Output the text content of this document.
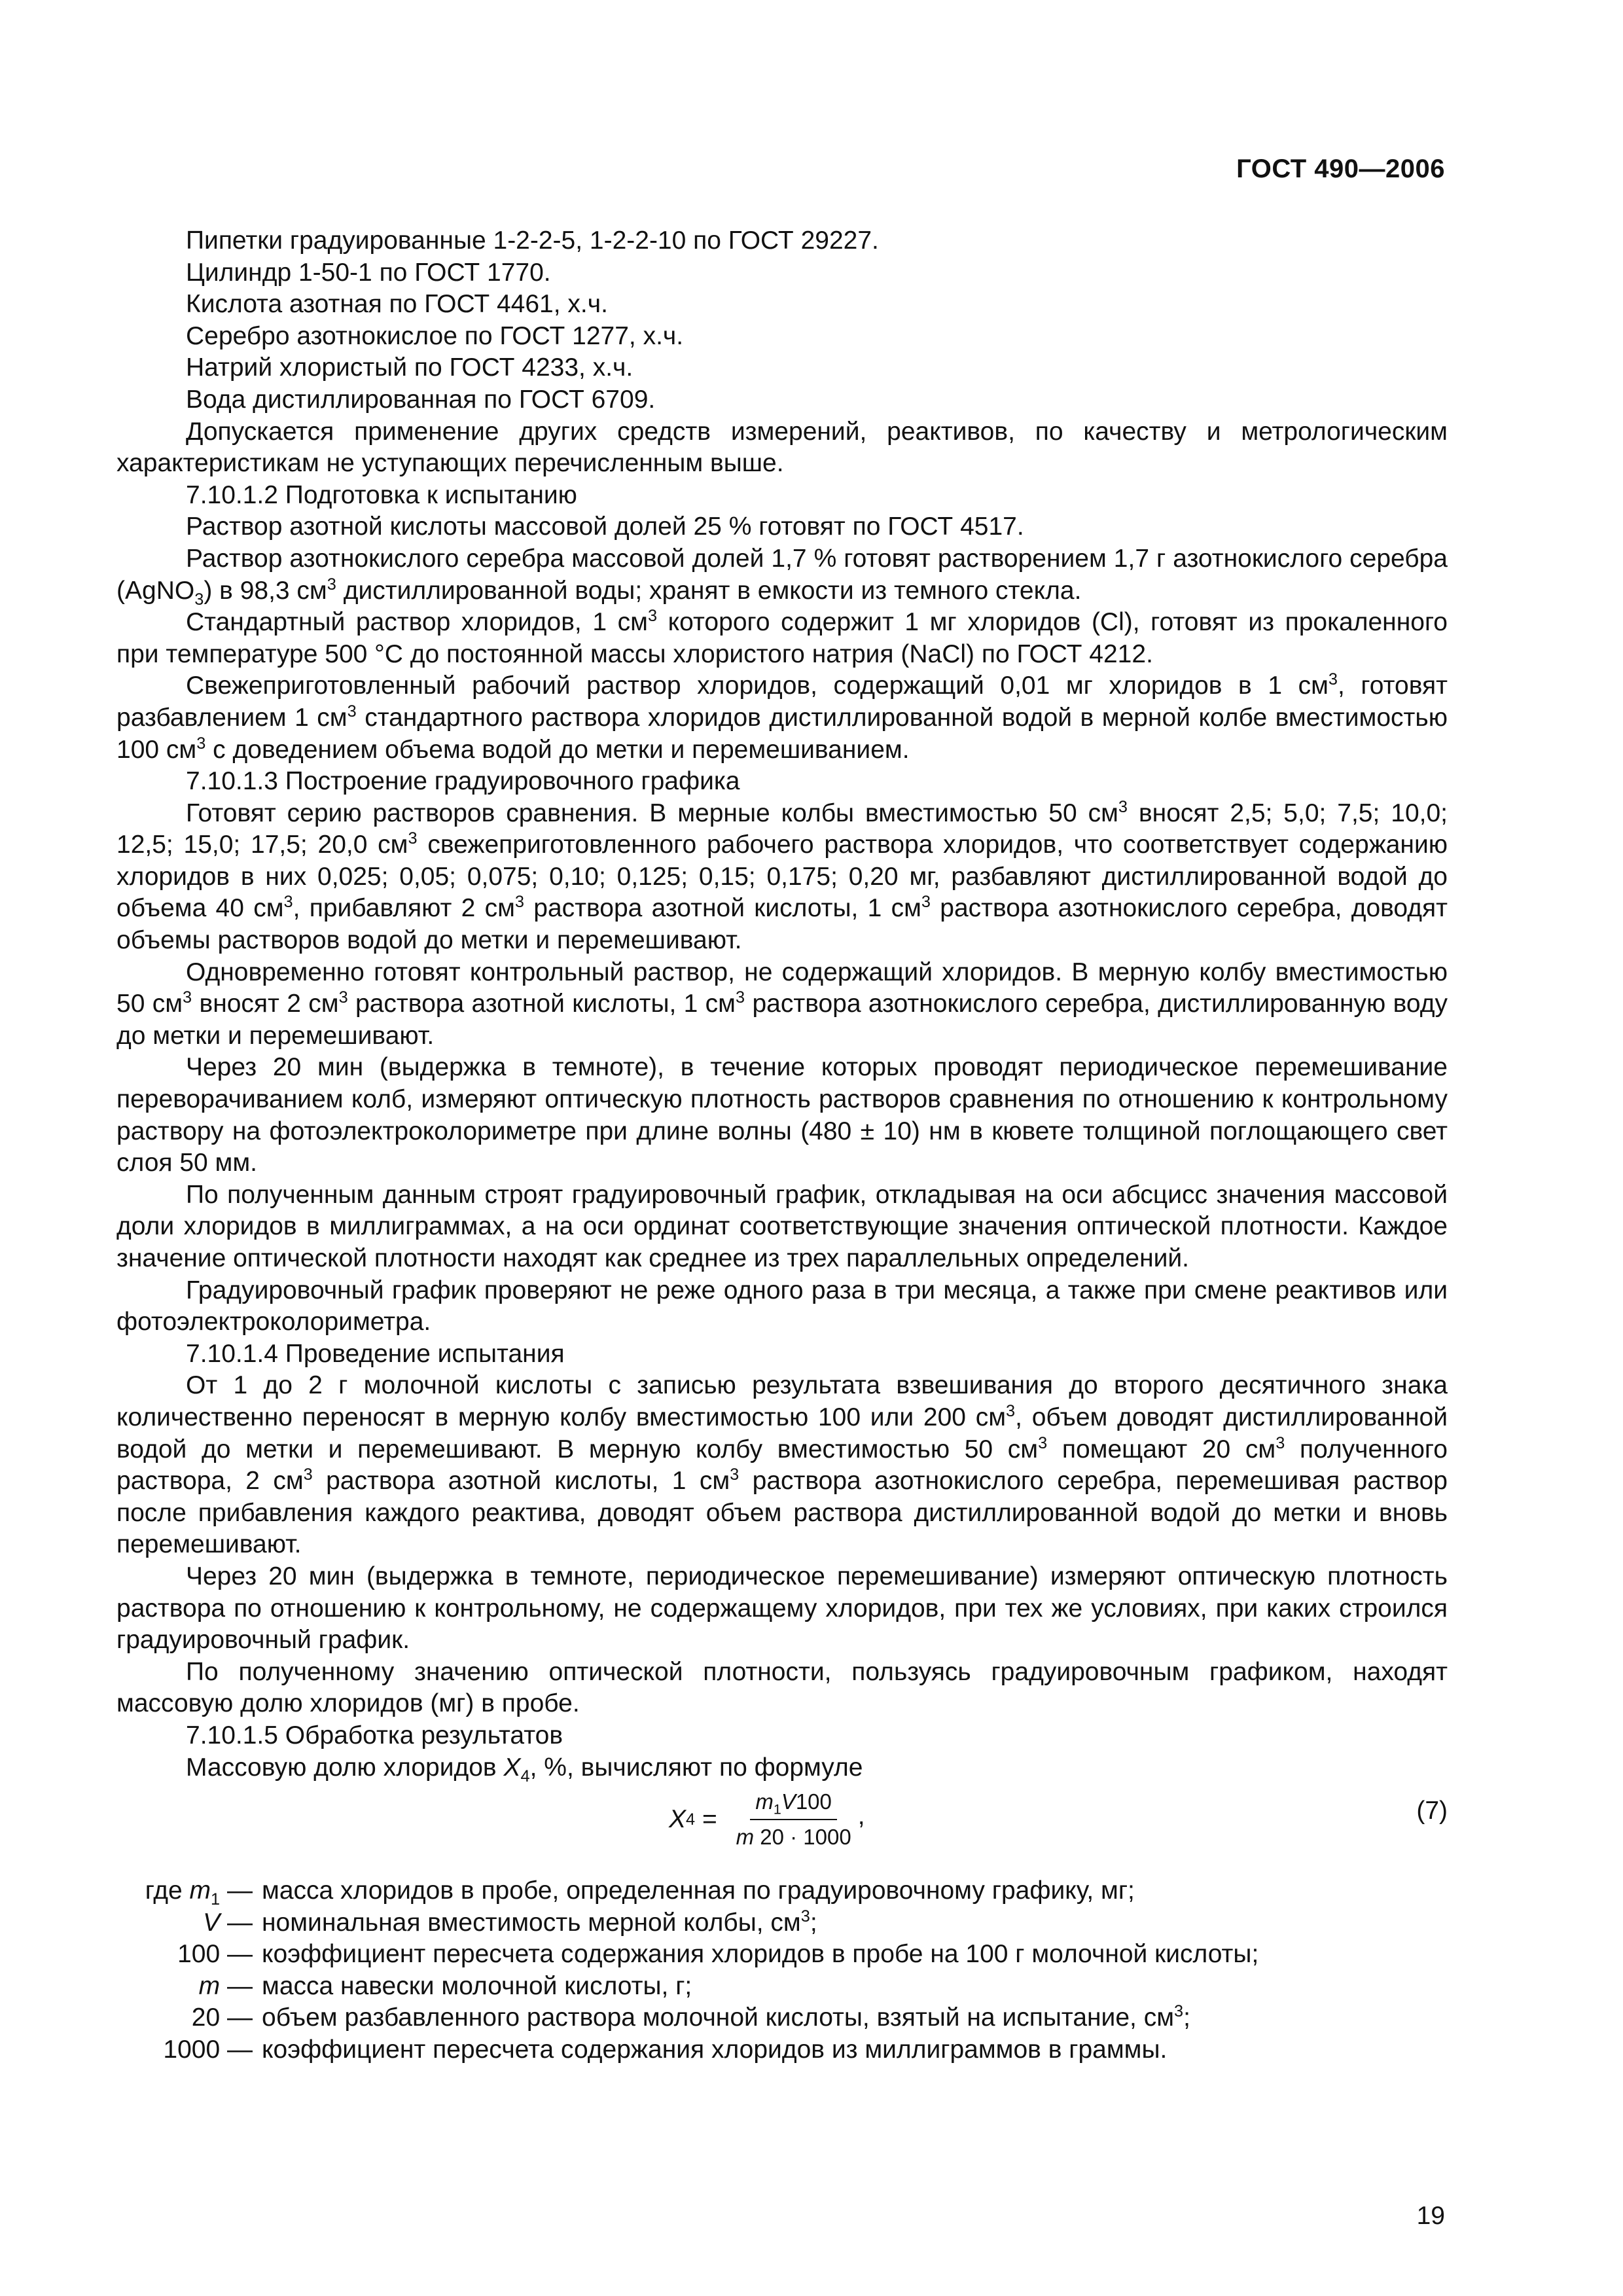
ГОСТ 490—2006

Пипетки градуированные 1-2-2-5, 1-2-2-10 по ГОСТ 29227.

Цилиндр 1-50-1 по ГОСТ 1770.

Кислота азотная по ГОСТ 4461, х.ч.

Серебро азотнокислое по ГОСТ 1277, х.ч.

Натрий хлористый по ГОСТ 4233, х.ч.

Вода дистиллированная по ГОСТ 6709.

Допускается применение других средств измерений, реактивов, по качеству и метрологическим характеристикам не уступающих перечисленным выше.

7.10.1.2 Подготовка к испытанию

Раствор азотной кислоты массовой долей 25 % готовят по ГОСТ 4517.

Раствор азотнокислого серебра массовой долей 1,7 % готовят растворением 1,7 г азотнокислого серебра (AgNO$_3$) в 98,3 $см^3$ дистиллированной воды; хранят в емкости из темного стекла.

Стандартный раствор хлоридов, 1 $см^3$ которого содержит 1 мг хлоридов (Cl), готовят из прокаленного при температуре 500 °С до постоянной массы хлористого натрия (NaCl) по ГОСТ 4212.

Свежеприготовленный рабочий раствор хлоридов, содержащий 0,01 мг хлоридов в 1 $см^3$, готовят разбавлением 1 $см^3$ стандартного раствора хлоридов дистиллированной водой в мерной колбе вместимостью 100 $см^3$ с доведением объема водой до метки и перемешиванием.

7.10.1.3 Построение градуировочного графика

Готовят серию растворов сравнения. В мерные колбы вместимостью 50 $см^3$ вносят 2,5; 5,0; 7,5; 10,0; 12,5; 15,0; 17,5; 20,0 $см^3$ свежеприготовленного рабочего раствора хлоридов, что соответствует содержанию хлоридов в них 0,025; 0,05; 0,075; 0,10; 0,125; 0,15; 0,175; 0,20 мг, разбавляют дистиллированной водой до объема 40 $см^3$, прибавляют 2 $см^3$ раствора азотной кислоты, 1 $см^3$ раствора азотнокислого серебра, доводят объемы растворов водой до метки и перемешивают.

Одновременно готовят контрольный раствор, не содержащий хлоридов. В мерную колбу вместимостью 50 $см^3$ вносят 2 $см^3$ раствора азотной кислоты, 1 $см^3$ раствора азотнокислого серебра, дистиллированную воду до метки и перемешивают.

Через 20 мин (выдержка в темноте), в течение которых проводят периодическое перемешивание переворачиванием колб, измеряют оптическую плотность растворов сравнения по отношению к контрольному раствору на фотоэлектроколориметре при длине волны (480 ± 10) нм в кювете толщиной поглощающего свет слоя 50 мм.

По полученным данным строят градуировочный график, откладывая на оси абсцисс значения массовой доли хлоридов в миллиграммах, а на оси ординат соответствующие значения оптической плотности. Каждое значение оптической плотности находят как среднее из трех параллельных определений.

Градуировочный график проверяют не реже одного раза в три месяца, а также при смене реактивов или фотоэлектроколориметра.

7.10.1.4 Проведение испытания

От 1 до 2 г молочной кислоты с записью результата взвешивания до второго десятичного знака количественно переносят в мерную колбу вместимостью 100 или 200 $см^3$, объем доводят дистиллированной водой до метки и перемешивают. В мерную колбу вместимостью 50 $см^3$ помещают 20 $см^3$ полученного раствора, 2 $см^3$ раствора азотной кислоты, 1 $см^3$ раствора азотнокислого серебра, перемешивая раствор после прибавления каждого реактива, доводят объем раствора дистиллированной водой до метки и вновь перемешивают.

Через 20 мин (выдержка в темноте, периодическое перемешивание) измеряют оптическую плотность раствора по отношению к контрольному, не содержащему хлоридов, при тех же условиях, при каких строился градуировочный график.

По полученному значению оптической плотности, пользуясь градуировочным графиком, находят массовую долю хлоридов (мг) в пробе.

7.10.1.5 Обработка результатов

Массовую долю хлоридов $X_4$, %, вычисляют по формуле

X $4 = \frac{m_1V100}{m 20 \cdot 1000}$ ,	(7)
где $m_1$ — масса хлоридов в пробе, определенная по градуировочному графику, мг;
V — номинальная вместимость мерной колбы, $см^3$;
100 — коэффициент пересчета содержания хлоридов в пробе на 100 г молочной кислоты;
m — масса навески молочной кислоты, г;
20 — объем разбавленного раствора молочной кислоты, взятый на испытание, $см^3$;
1000 — коэффициент пересчета содержания хлоридов из миллиграммов в граммы.
19
